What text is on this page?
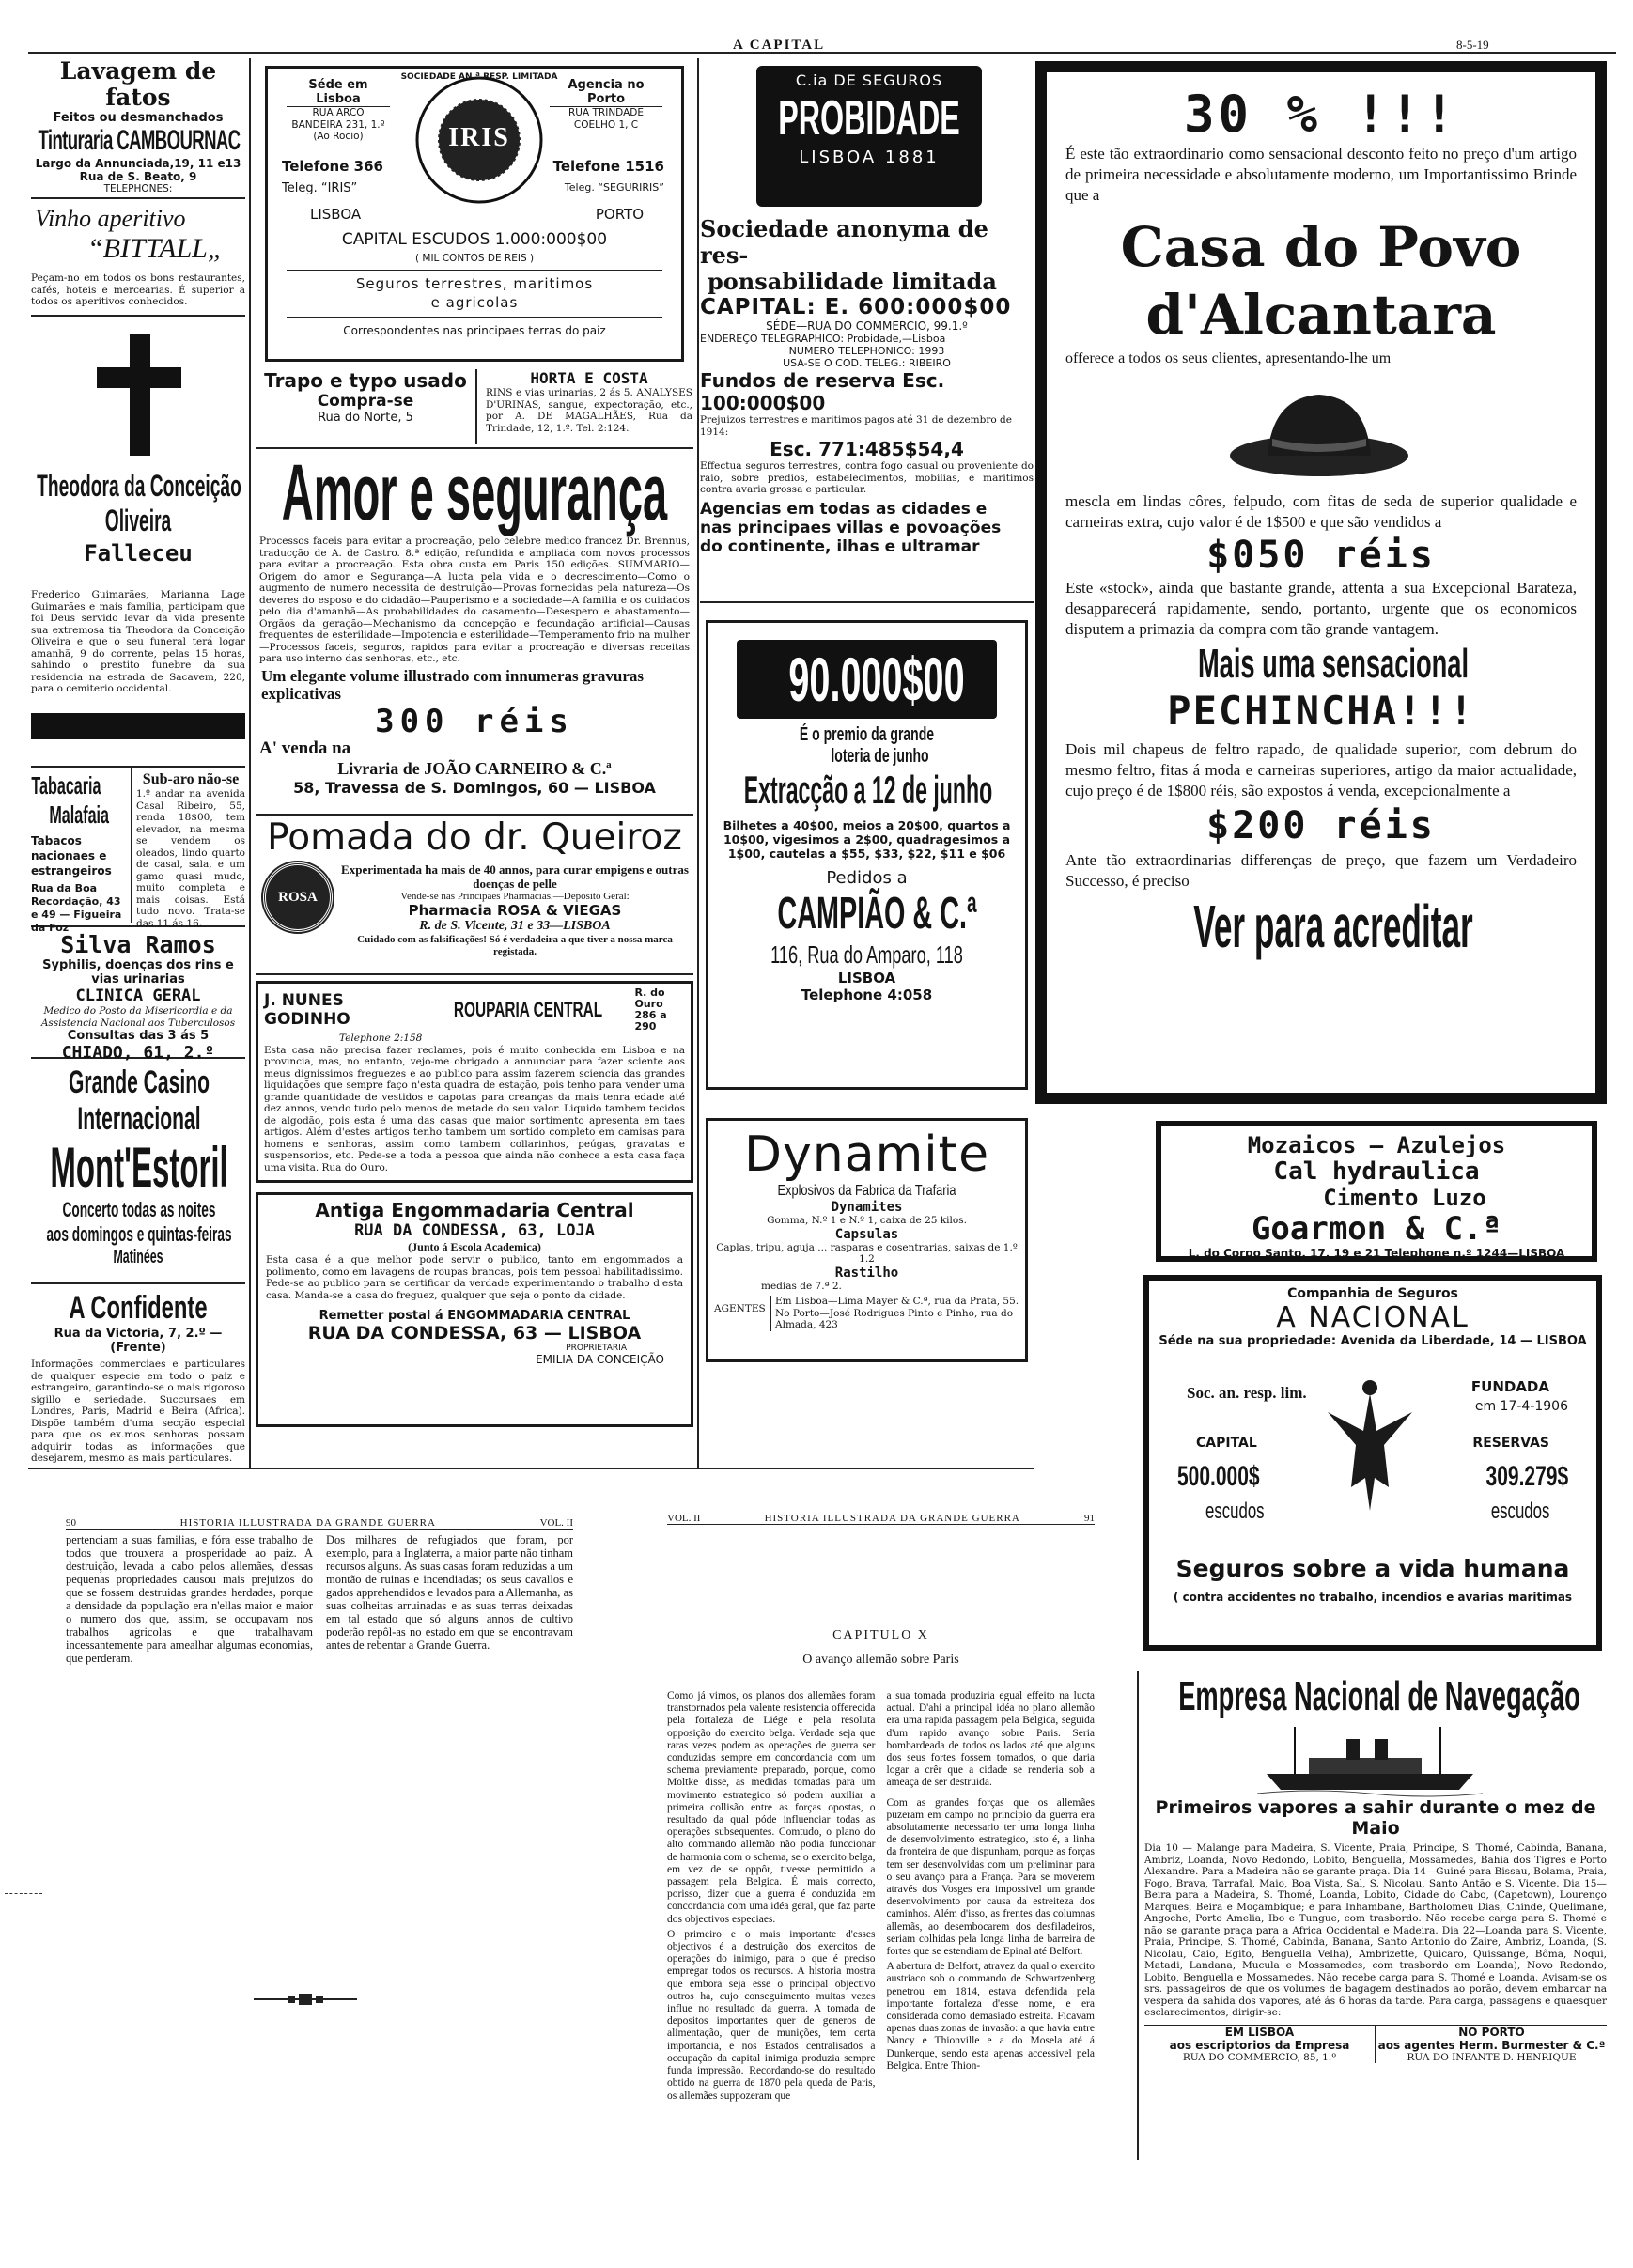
A CAPITAL	8-5-19
Lavagem de fatos
Feitos ou desmanchados
Tinturaria CAMBOURNAC
Largo da Annunciada,19, 11 e13
Rua de S. Beato, 9
TELEPHONES:
Vinho aperitivo
“BITTALL„
Peçam-no em todos os bons restaurantes, cafés, hoteis e mercearias. É superior a todos os aperitivos conhecidos.
Theodora da Conceição
Oliveira
Falleceu
Frederico Guimarães, Marianna Lage Guimarães e mais familia, participam que foi Deus servido levar da vida presente sua extremosa tia Theodora da Conceição Oliveira e que o seu funeral terá logar amanhã, 9 do corrente, pelas 15 horas, sahindo o prestito funebre da sua residencia na estrada de Sacavem, 220, para o cemiterio occidental.
Tabacaria
Malafaia
Tabacos nacionaes e estrangeiros
Rua da Boa Recordação, 43 e 49 — Figueira da Foz
Sub-aro não-se
1.º andar na avenida Casal Ribeiro, 55, renda 18$00, tem elevador, na mesma se vendem os oleados, lindo quarto de casal, sala, e um gamo quasi mudo, muito completa e mais coisas. Está tudo novo. Trata-se das 11 ás 16.
Silva Ramos
Syphilis, doenças dos rins e vias urinarias
CLINICA GERAL
Medico do Posto da Misericordia e da Assistencia Nacional aos Tuberculosos
Consultas das 3 ás 5
CHIADO, 61, 2.º
Grande Casino
Internacional
Mont'Estoril
Concerto todas as noites
aos domingos e quintas-feiras
Matinées
A Confidente
Rua da Victoria, 7, 2.º — (Frente)
Informações commerciaes e particulares de qualquer especie em todo o paiz e estrangeiro, garantindo-se o mais rigoroso sigillo e seriedade. Succursaes em Londres, Paris, Madrid e Beira (Africa). Dispõe também d'uma secção especial para que os ex.mos senhoras possam adquirir todas as informações que desejarem, mesmo as mais particulares.
Séde em Lisboa
RUA ARCO BANDEIRA 231, 1.º (Ao Rocio)
Agencia no Porto
RUA TRINDADE COELHO 1, C
IRIS
SOCIEDADE AN.ª RESP. LIMITADA
Telefone 366	Telefone 1516
Teleg. “IRIS”	Teleg. “SEGURIRIS”
LISBOA	PORTO
CAPITAL ESCUDOS 1.000:000$00
( MIL CONTOS DE REIS )
Seguros terrestres, maritimos
e agricolas
Correspondentes nas principaes terras do paiz
Trapo e typo usado
Compra-se
Rua do Norte, 5
HORTA E COSTA
RINS e vias urinarias, 2 ás 5. ANALYSES D'URINAS, sangue, expectoração, etc., por A. DE MAGALHÃES, Rua da Trindade, 12, 1.º. Tel. 2:124.
Amor e segurança
Processos faceis para evitar a procreação, pelo celebre medico francez Dr. Brennus, traducção de A. de Castro. 8.ª edição, refundida e ampliada com novos processos para evitar a procreação. Esta obra custa em Paris 150 edições. SUMMARIO—Origem do amor e Segurança—A lucta pela vida e o decrescimento—Como o augmento de numero necessita de destruição—Provas fornecidas pela natureza—Os deveres do esposo e do cidadão—Pauperismo e a sociedade—A familia e os cuidados pelo dia d'amanhã—As probabilidades do casamento—Desespero e abastamento—Orgãos da geração—Mechanismo da concepção e fecundação artificial—Causas frequentes de esterilidade—Impotencia e esterilidade—Temperamento frio na mulher—Processos faceis, seguros, rapidos para evitar a procreação e diversas receitas para uso interno das senhoras, etc., etc.
Um elegante volume illustrado com innumeras gravuras explicativas
300 réis
A' venda na
Livraria de JOÃO CARNEIRO & C.ª
58, Travessa de S. Domingos, 60 — LISBOA
Pomada do dr. Queiroz
ROSA
Experimentada ha mais de 40 annos, para curar empigens e outras doenças de pelle
Vende-se nas Principaes Pharmacias.—Deposito Geral:
Pharmacia ROSA & VIEGAS
R. de S. Vicente, 31 e 33—LISBOA
Cuidado com as falsificações! Só é verdadeira a que tiver a nossa marca registada.
J. NUNES GODINHO	ROUPARIA CENTRAL
R. do Ouro 286 a 290
Telephone 2:158
Esta casa não precisa fazer reclames, pois é muito conhecida em Lisboa e na provincia, mas, no entanto, vejo-me obrigado a annunciar para fazer sciente aos meus dignissimos freguezes e ao publico para assim fazerem sciencia das grandes liquidações que sempre faço n'esta quadra de estação, pois tenho para vender uma grande quantidade de vestidos e capotas para creanças da mais tenra edade até dez annos, vendo tudo pelo menos de metade do seu valor. Liquido tambem tecidos de algodão, pois esta é uma das casas que maior sortimento apresenta em taes artigos. Além d'estes artigos tenho tambem um sortido completo em camisas para homens e senhoras, assim como tambem collarinhos, peúgas, gravatas e suspensorios, etc. Pede-se a toda a pessoa que ainda não conhece a esta casa faça uma visita. Rua do Ouro.
Antiga Engommadaria Central
RUA DA CONDESSA, 63, LOJA
(Junto á Escola Academica)
Esta casa é a que melhor pode servir o publico, tanto em engommados a polimento, como em lavagens de roupas brancas, pois tem pessoal habilitadissimo. Pede-se ao publico para se certificar da verdade experimentando o trabalho d'esta casa. Manda-se a casa do freguez, qualquer que seja o ponto da cidade.
Remetter postal á ENGOMMADARIA CENTRAL
RUA DA CONDESSA, 63 — LISBOA
PROPRIETARIA
EMILIA DA CONCEIÇÃO
C.ia DE SEGUROS
PROBIDADE
LISBOA 1881
Sociedade anonyma de res-
ponsabilidade limitada
CAPITAL: E. 600:000$00
SÉDE—RUA DO COMMERCIO, 99.1.º
ENDEREÇO TELEGRAPHICO: Probidade,—Lisboa
NUMERO TELEPHONICO: 1993
USA-SE O COD. TELEG.: RIBEIRO
Fundos de reserva Esc. 100:000$00
Prejuizos terrestres e maritimos pagos até 31 de dezembro de 1914:
Esc. 771:485$54,4
Effectua seguros terrestres, contra fogo casual ou proveniente do raio, sobre predios, estabelecimentos, mobilias, e maritimos contra avaria grossa e particular.
Agencias em todas as cidades e
nas principaes villas e povoações
do continente, ilhas e ultramar
90.000$00
É o premio da grande
loteria de junho
Extracção a 12 de junho
Bilhetes a 40$00, meios a 20$00, quartos a 10$00, vigesimos a 2$00, quadragesimos a 1$00, cautelas a $55, $33, $22, $11 e $06
Pedidos a
CAMPIÃO & C.ª
116, Rua do Amparo, 118
LISBOA
Telephone 4:058
Dynamite
Explosivos da Fabrica da Trafaria
Dynamites
Gomma, N.º 1 e N.º 1, caixa de 25 kilos.
Capsulas
Caplas, tripu, aguja ... rasparas e cosentrarias, saixas de 1.º 1.2
Rastilho
medias de 7.ª 2.
AGENTES
Em Lisboa—Lima Mayer & C.ª, rua da Prata, 55.
No Porto—José Rodrigues Pinto e Pinho, rua do Almada, 423
30 % !!!
É este tão extraordinario como sensacional desconto feito no preço d'um artigo de primeira necessidade e absolutamente moderno, um Importantissimo Brinde que a
Casa do Povo
d'Alcantara
offerece a todos os seus clientes, apresentando-lhe um
mescla em lindas côres, felpudo, com fitas de seda de superior qualidade e carneiras extra, cujo valor é de 1$500 e que são vendidos a
$050 réis
Este «stock», ainda que bastante grande, attenta a sua Excepcional Barateza, desapparecerá rapidamente, sendo, portanto, urgente que os economicos disputem a primazia da compra com tão grande vantagem.
Mais uma sensacional
PECHINCHA!!!
Dois mil chapeus de feltro rapado, de qualidade superior, com debrum do mesmo feltro, fitas á moda e carneiras superiores, artigo da maior actualidade, cujo preço é de 1$800 réis, são expostos á venda, excepcionalmente a
$200 réis
Ante tão extraordinarias differenças de preço, que fazem um Verdadeiro Successo, é preciso
Ver para acreditar
Mozaicos — Azulejos
Cal hydraulica
Cimento Luzo
Goarmon & C.ª
L. do Corpo Santo, 17, 19 e 21 Telephone n.º 1244—LISBOA
Companhia de Seguros
A NACIONAL
Séde na sua propriedade: Avenida da Liberdade, 14 — LISBOA
Soc. an. resp. lim.	FUNDADA
em 17-4-1906
CAPITAL
500.000$
escudos
RESERVAS
309.279$
escudos
Seguros sobre a vida humana
( contra accidentes no trabalho, incendios e avarias maritimas
Empresa Nacional de Navegação
Primeiros vapores a sahir durante o mez de Maio
Dia 10 — Malange para Madeira, S. Vicente, Praia, Principe, S. Thomé, Cabinda, Banana, Ambriz, Loanda, Novo Redondo, Lobito, Benguella, Mossamedes, Bahia dos Tigres e Porto Alexandre. Para a Madeira não se garante praça. Dia 14—Guiné para Bissau, Bolama, Praia, Fogo, Brava, Tarrafal, Maio, Boa Vista, Sal, S. Nicolau, Santo Antão e S. Vicente. Dia 15—Beira para a Madeira, S. Thomé, Loanda, Lobito, Cidade do Cabo, (Capetown), Lourenço Marques, Beira e Moçambique; e para Inhambane, Bartholomeu Dias, Chinde, Quelimane, Angoche, Porto Amelia, Ibo e Tungue, com trasbordo. Não recebe carga para S. Thomé e não se garante praça para a Africa Occidental e Madeira. Dia 22—Loanda para S. Vicente, Praia, Principe, S. Thomé, Cabinda, Banana, Santo Antonio do Zaire, Ambriz, Loanda, (S. Nicolau, Caio, Egito, Benguella Velha), Ambrizette, Quicaro, Quissange, Bôma, Noqui, Matadi, Landana, Mucula e Mossamedes, com trasbordo em Loanda), Novo Redondo, Lobito, Benguella e Mossamedes. Não recebe carga para S. Thomé e Loanda. Avisam-se os srs. passageiros de que os volumes de bagagem destinados ao porão, devem embarcar na vespera da sahida dos vapores, até ás 6 horas da tarde. Para carga, passagens e quaesquer esclarecimentos, dirigir-se:
EM LISBOA
aos escriptorios da Empresa
RUA DO COMMERCIO, 85, 1.º
NO PORTO
aos agentes Herm. Burmester & C.ª
RUA DO INFANTE D. HENRIQUE
90	HISTORIA ILLUSTRADA DA GRANDE GUERRA	VOL. II
pertenciam a suas familias, e fóra esse trabalho de todos que trouxera a prosperidade ao paiz. A destruição, levada a cabo pelos allemães, d'essas pequenas propriedades causou mais prejuizos do que se fossem destruidas grandes herdades, porque a densidade da população era n'ellas maior e maior o numero dos que, assim, se occupavam nos trabalhos agricolas e que trabalhavam incessantemente para amealhar algumas economias, que perderam.
Dos milhares de refugiados que foram, por exemplo, para a Inglaterra, a maior parte não tinham recursos alguns. As suas casas foram reduzidas a um montão de ruinas e incendiadas; os seus cavallos e gados apprehendidos e levados para a Allemanha, as suas colheitas arruinadas e as suas terras deixadas em tal estado que só alguns annos de cultivo poderão repôl-as no estado em que se encontravam antes de rebentar a Grande Guerra.
VOL. II	HISTORIA ILLUSTRADA DA GRANDE GUERRA	91
CAPITULO X
O avanço allemão sobre Paris
Como já vimos, os planos dos allemães foram transtornados pela valente resistencia offerecida pela fortaleza de Liége e pela resoluta opposição do exercito belga. Verdade seja que raras vezes podem as operações de guerra ser conduzidas sempre em concordancia com um schema previamente preparado, porque, como Moltke disse, as medidas tomadas para um movimento estrategico só podem auxiliar a primeira collisão entre as forças opostas, o resultado da qual póde influenciar todas as operações subsequentes. Comtudo, o plano do alto commando allemão não podia funccionar de harmonia com o schema, se o exercito belga, em vez de se oppôr, tivesse permittido a passagem pela Belgica. É mais correcto, porisso, dizer que a guerra é conduzida em concordancia com uma idéa geral, que faz parte dos objectivos especiaes.
O primeiro e o mais importante d'esses objectivos é a destruição dos exercitos de operações do inimigo, para o que é preciso empregar todos os recursos. A historia mostra que embora seja esse o principal objectivo outros ha, cujo conseguimento muitas vezes influe no resultado da guerra. A tomada de depositos importantes quer de generos de alimentação, quer de munições, tem certa importancia, e nos Estados centralisados a occupação da capital inimiga produzia sempre funda impressão. Recordando-se do resultado obtido na guerra de 1870 pela queda de Paris, os allemães suppozeram que
a sua tomada produziria egual effeito na lucta actual. D'ahi a principal idéa no plano allemão era uma rapida passagem pela Belgica, seguida d'um rapido avanço sobre Paris. Seria bombardeada de todos os lados até que alguns dos seus fortes fossem tomados, o que daria logar a crêr que a cidade se renderia sob a ameaça de ser destruida.
Com as grandes forças que os allemães puzeram em campo no principio da guerra era absolutamente necessario ter uma longa linha de desenvolvimento estrategico, isto é, a linha da fronteira de que dispunham, porque as forças tem ser desenvolvidas com um preliminar para o seu avanço para a França. Para se moverem através dos Vosges era impossivel um grande desenvolvimento por causa da estreiteza dos caminhos. Além d'isso, as frentes das columnas allemãs, ao desembocarem dos desfiladeiros, seriam colhidas pela longa linha de barreira de fortes que se estendiam de Epinal até Belfort.
A abertura de Belfort, atravez da qual o exercito austriaco sob o commando de Schwartzenberg penetrou em 1814, estava defendida pela importante fortaleza d'esse nome, e era considerada como demasiado estreita. Ficavam apenas duas zonas de invasão: a que havia entre Nancy e Thionville e a do Mosela até á Dunkerque, sendo esta apenas accessivel pela Belgica. Entre Thion-
